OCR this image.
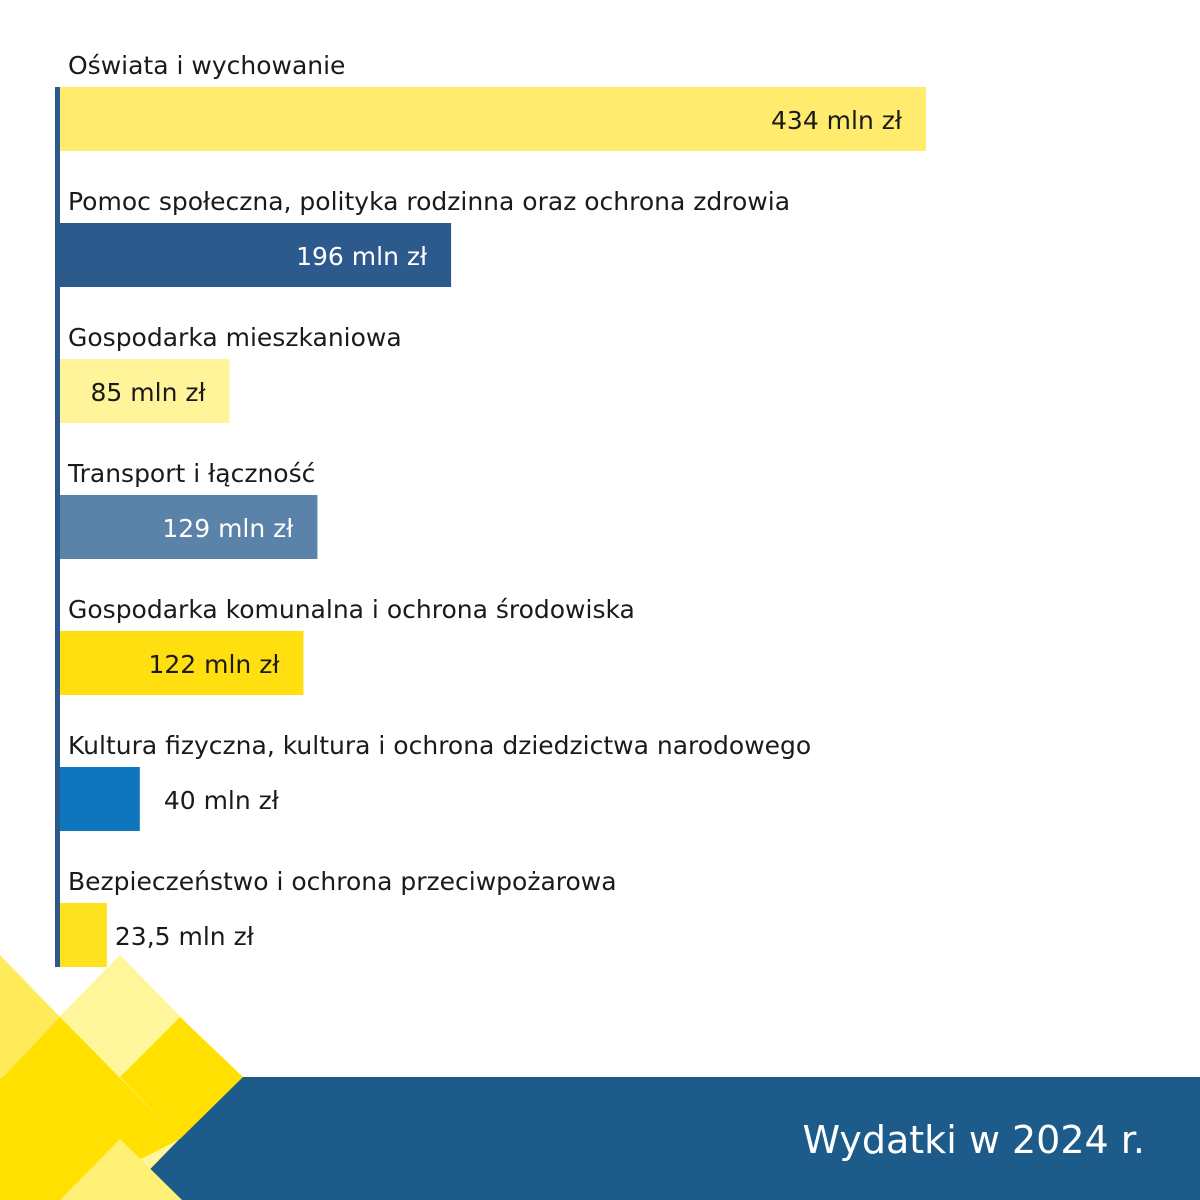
Oświata i wychowanie
434 mln zł
Pomoc społeczna, polityka rodzinna oraz ochrona zdrowia
196 mln zł
Gospodarka mieszkaniowa
85 mln zł
Transport i łączność
129 mln zł
Gospodarka komunalna i ochrona środowiska
122 mln zł
Kultura fizyczna, kultura i ochrona dziedzictwa narodowego
40 mln zł
Bezpieczeństwo i ochrona przeciwpożarowa
23,5 mln zł
Wydatki w 2024 r.
